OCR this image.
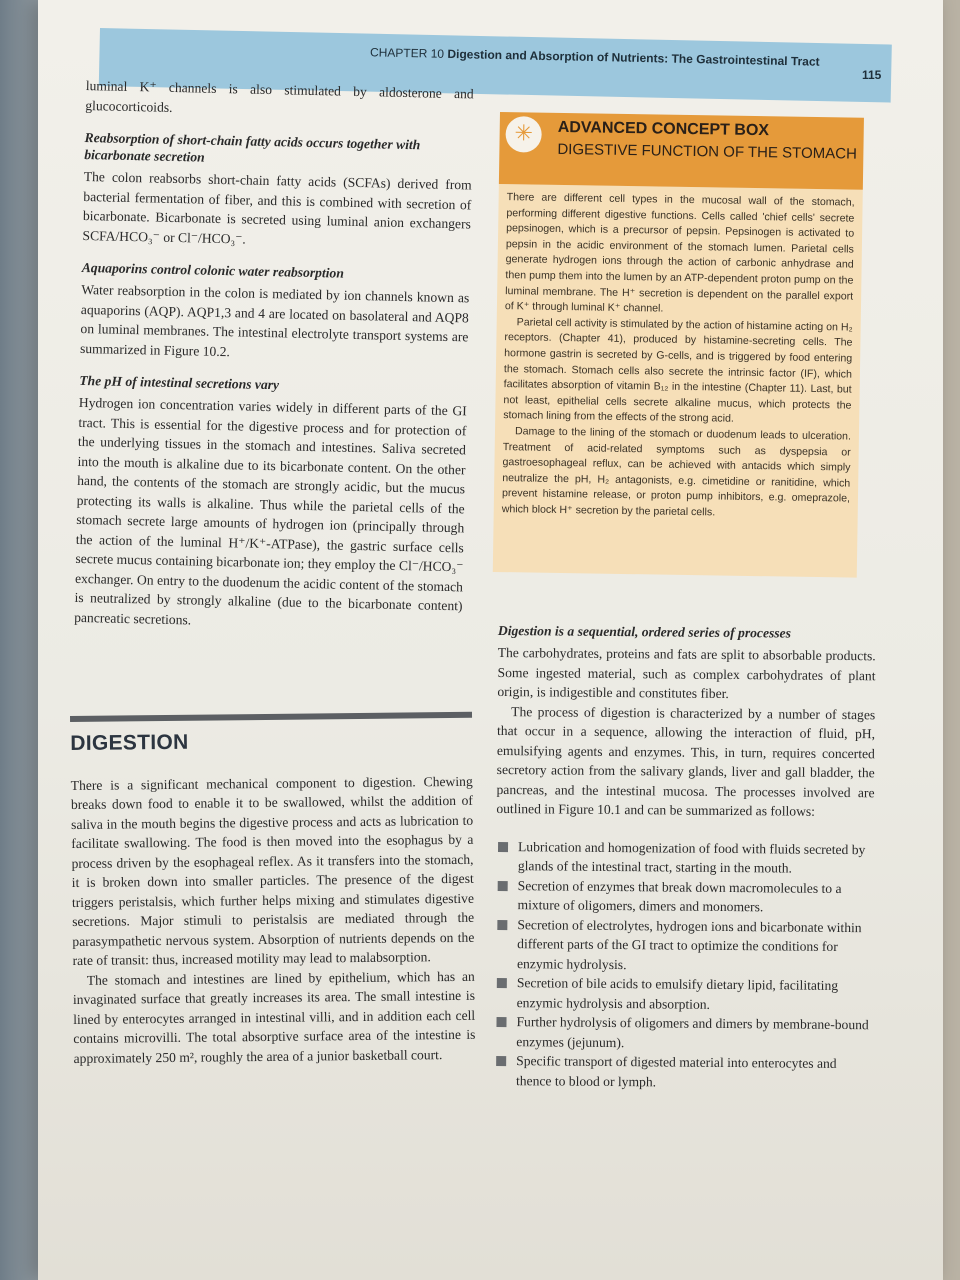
CHAPTER 10 Digestion and Absorption of Nutrients: The Gastrointestinal Tract
115

luminal K⁺ channels is also stimulated by aldosterone and glucocorticoids.

Reabsorption of short-chain fatty acids occurs together with bicarbonate secretion

The colon reabsorbs short-chain fatty acids (SCFAs) derived from bacterial fermentation of fiber, and this is combined with secretion of bicarbonate. Bicarbonate is secreted using luminal anion exchangers SCFA/HCO₃⁻ or Cl⁻/HCO₃⁻.

Aquaporins control colonic water reabsorption

Water reabsorption in the colon is mediated by ion channels known as aquaporins (AQP). AQP1,3 and 4 are located on basolateral and AQP8 on luminal membranes. The intestinal electrolyte transport systems are summarized in Figure 10.2.

The pH of intestinal secretions vary

Hydrogen ion concentration varies widely in different parts of the GI tract. This is essential for the digestive process and for protection of the underlying tissues in the stomach and intestines. Saliva secreted into the mouth is alkaline due to its bicarbonate content. On the other hand, the contents of the stomach are strongly acidic, but the mucus protecting its walls is alkaline. Thus while the parietal cells of the stomach secrete large amounts of hydrogen ion (principally through the action of the luminal H⁺/K⁺-ATPase), the gastric surface cells secrete mucus containing bicarbonate ion; they employ the Cl⁻/HCO₃⁻ exchanger. On entry to the duodenum the acidic content of the stomach is neutralized by strongly alkaline (due to the bicarbonate content) pancreatic secretions.

DIGESTION

There is a significant mechanical component to digestion. Chewing breaks down food to enable it to be swallowed, whilst the addition of saliva in the mouth begins the digestive process and acts as lubrication to facilitate swallowing. The food is then moved into the esophagus by a process driven by the esophageal reflex. As it transfers into the stomach, it is broken down into smaller particles. The presence of the digest triggers peristalsis, which further helps mixing and stimulates digestive secretions. Major stimuli to peristalsis are mediated through the parasympathetic nervous system. Absorption of nutrients depends on the rate of transit: thus, increased motility may lead to malabsorption.

The stomach and intestines are lined by epithelium, which has an invaginated surface that greatly increases its area. The small intestine is lined by enterocytes arranged in intestinal villi, and in addition each cell contains microvilli. The total absorptive surface area of the intestine is approximately 250 m², roughly the area of a junior basketball court.

✳	ADVANCED CONCEPT BOX
DIGESTIVE FUNCTION OF THE STOMACH

There are different cell types in the mucosal wall of the stomach, performing different digestive functions. Cells called 'chief cells' secrete pepsinogen, which is a precursor of pepsin. Pepsinogen is activated to pepsin in the acidic environment of the stomach lumen. Parietal cells generate hydrogen ions through the action of carbonic anhydrase and then pump them into the lumen by an ATP-dependent proton pump on the luminal membrane. The H⁺ secretion is dependent on the parallel export of K⁺ through luminal K⁺ channel.

Parietal cell activity is stimulated by the action of histamine acting on H₂ receptors. (Chapter 41), produced by histamine-secreting cells. The hormone gastrin is secreted by G-cells, and is triggered by food entering the stomach. Stomach cells also secrete the intrinsic factor (IF), which facilitates absorption of vitamin B₁₂ in the intestine (Chapter 11). Last, but not least, epithelial cells secrete alkaline mucus, which protects the stomach lining from the effects of the strong acid.

Damage to the lining of the stomach or duodenum leads to ulceration. Treatment of acid-related symptoms such as dyspepsia or gastroesophageal reflux, can be achieved with antacids which simply neutralize the pH, H₂ antagonists, e.g. cimetidine or ranitidine, which prevent histamine release, or proton pump inhibitors, e.g. omeprazole, which block H⁺ secretion by the parietal cells.

Digestion is a sequential, ordered series of processes

The carbohydrates, proteins and fats are split to absorbable products. Some ingested material, such as complex carbohydrates of plant origin, is indigestible and constitutes fiber.

The process of digestion is characterized by a number of stages that occur in a sequence, allowing the interaction of fluid, pH, emulsifying agents and enzymes. This, in turn, requires concerted secretory action from the salivary glands, liver and gall bladder, the pancreas, and the intestinal mucosa. The processes involved are outlined in Figure 10.1 and can be summarized as follows:

Lubrication and homogenization of food with fluids secreted by glands of the intestinal tract, starting in the mouth.
Secretion of enzymes that break down macromolecules to a mixture of oligomers, dimers and monomers.
Secretion of electrolytes, hydrogen ions and bicarbonate within different parts of the GI tract to optimize the conditions for enzymic hydrolysis.
Secretion of bile acids to emulsify dietary lipid, facilitating enzymic hydrolysis and absorption.
Further hydrolysis of oligomers and dimers by membrane-bound enzymes (jejunum).
Specific transport of digested material into enterocytes and thence to blood or lymph.
